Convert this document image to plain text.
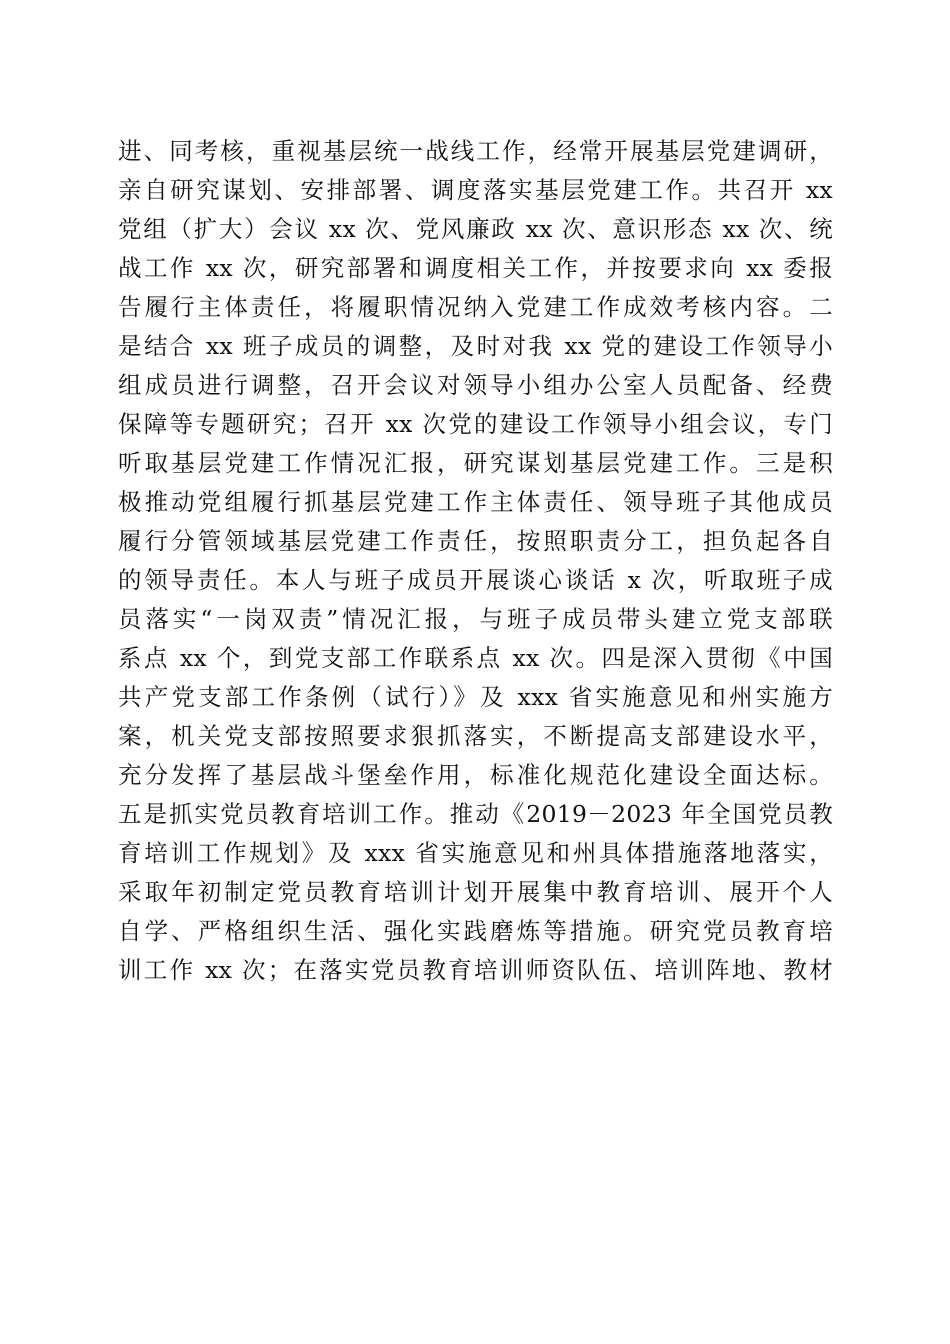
进、同考核，重视基层统一战线工作，经常开展基层党建调研，
亲自研究谋划、安排部署、调度落实基层党建工作。共召开 xx
党组（扩大）会议 xx 次、党风廉政 xx 次、意识形态 xx 次、统
战工作 xx 次，研究部署和调度相关工作，并按要求向 xx 委报
告履行主体责任，将履职情况纳入党建工作成效考核内容。二
是结合 xx 班子成员的调整，及时对我 xx 党的建设工作领导小
组成员进行调整，召开会议对领导小组办公室人员配备、经费
保障等专题研究；召开 xx 次党的建设工作领导小组会议，专门
听取基层党建工作情况汇报，研究谋划基层党建工作。三是积
极推动党组履行抓基层党建工作主体责任、领导班子其他成员
履行分管领域基层党建工作责任，按照职责分工，担负起各自
的领导责任。本人与班子成员开展谈心谈话 x 次，听取班子成
员落实“一岗双责”情况汇报，与班子成员带头建立党支部联
系点 xx 个，到党支部工作联系点 xx 次。四是深入贯彻《中国
共产党支部工作条例（试行）》及 xxx 省实施意见和州实施方
案，机关党支部按照要求狠抓落实，不断提高支部建设水平，
充分发挥了基层战斗堡垒作用，标准化规范化建设全面达标。
五是抓实党员教育培训工作。推动《2019－2023 年全国党员教
育培训工作规划》及 xxx 省实施意见和州具体措施落地落实，
采取年初制定党员教育培训计划开展集中教育培训、展开个人
自学、严格组织生活、强化实践磨炼等措施。研究党员教育培
训工作 xx 次；在落实党员教育培训师资队伍、培训阵地、教材
